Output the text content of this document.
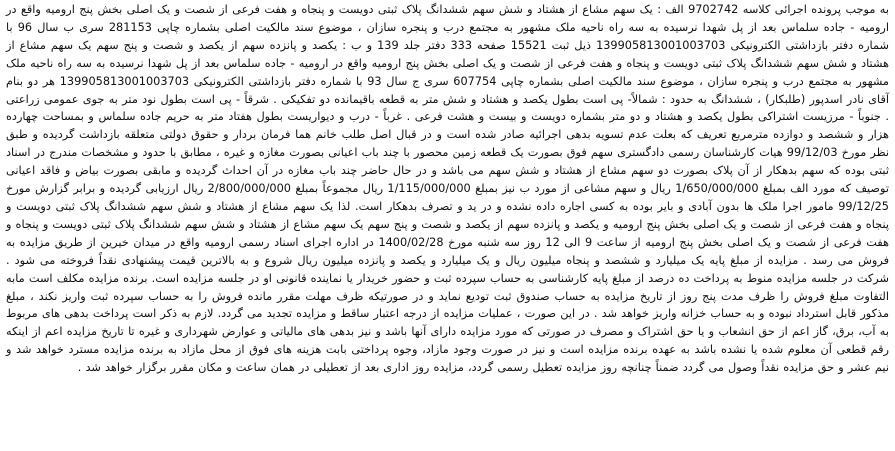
به موجب پرونده اجرائی کلاسه 9702742 الف : یک سهم مشاع از هشتاد و شش سهم ششدانگ پلاک ثبتی دویست و پنجاه و هفت فرعی از شصت و یک اصلی بخش پنج ارومیه واقع در ارومیه - جاده سلماس بعد از پل شهدا نرسیده به سه راه ناحیه ملک مشهور به مجتمع درب و پنجره سازان ، موضوع سند مالکیت اصلی بشماره چاپی 281153 سری ب سال 96 با شماره دفتر بازداشتی الکترونیکی 139905813001003703 ذیل ثبت 15521 صفحه 333 دفتر جلد 139 و ب : یکصد و پانزده سهم از یکصد و شصت و پنج سهم یک سهم مشاع از هشتاد و شش سهم ششدانگ پلاک ثبتی دویست و پنجاه و هفت فرعی از شصت و یک اصلی بخش پنج ارومیه واقع در ارومیه - جاده سلماس بعد از پل شهدا نرسیده به سه راه ناحیه ملک مشهور به مجتمع درب و پنجره سازان ، موضوع سند مالکیت اصلی بشماره چاپی 607754 سری ج سال 93 با شماره دفتر بازداشتی الکترونیکی 139905813001003703 هر دو بنام آقای نادر اسدپور (طلبکار) ، ششدانگ به حدود : شمالاً- پی است بطول یکصد و هشتاد و شش متر به قطعه باقیمانده دو تفکیکی . شرقاً - پی است بطول نود متر به جوی عمومی زراعتی . جنوباً - مرزیست اشتراکی بطول یکصد و هشتاد و دو متر بشماره دویست و بیست و هشت فرعی . غرباً - درب و دیواریست بطول هفتاد متر به حریم جاده سلماس و بمساحت چهارده هزار و ششصد و دوازده مترمربع تعریف که بعلت عدم تسویه بدهی اجرائیه صادر شده است و در قبال اصل طلب خانم هما فرمان بردار و حقوق دولتی متعلقه بازداشت گردیده و طبق نظر مورخ 99/12/03 هیات کارشناسان رسمی دادگستری سهم فوق بصورت یک قطعه زمین محصور با چند باب اعیانی بصورت مغازه و غیره ، مطابق با حدود و مشخصات مندرج در اسناد ثبتی بوده که سهم بدهکار از آن پلاک بصورت دو سهم مشاع از هشتاد و شش سهم می باشد و در حال حاضر چند باب مغازه در آن احداث گردیده و مابقی بصورت بیاض و فاقد اعیانی توصیف که مورد الف بمبلغ 1/650/000/000 ریال و سهم مشاعی از مورد ب نیز بمبلغ 1/115/000/000 ریال مجموعاً بمبلغ 2/800/000/000 ریال ارزیابی گردیده و برابر گزارش مورخ 99/12/25 مامور اجرا ملک ها بدون آبادی و بایر بوده به کسی اجاره داده نشده و در ید و تصرف بدهکار است. لذا یک سهم مشاع از هشتاد و شش سهم ششدانگ پلاک ثبتی دویست و پنجاه و هفت فرعی از شصت و یک اصلی بخش پنج ارومیه و یکصد و پانزده سهم از یکصد و شصت و پنج سهم یک سهم مشاع از هشتاد و شش سهم ششدانگ پلاک ثبتی دویست و پنجاه و هفت فرعی از شصت و یک اصلی بخش پنج ارومیه از ساعت 9 الی 12 روز سه شنبه مورخ 1400/02/28 در اداره اجرای اسناد رسمی ارومیه واقع در میدان خیرین از طریق مزایده به فروش می رسد . مزایده از مبلغ پایه یک میلیارد و ششصد و پنجاه میلیون ریال و یک میلیارد و یکصد و پانزده میلیون ریال شروع و به بالاترین قیمت پیشنهادی نقداً فروخته می شود . شرکت در جلسه مزایده منوط به پرداخت ده درصد از مبلغ پایه کارشناسی به حساب سپرده ثبت و حضور خریدار یا نماینده قانونی او در جلسه مزایده است. برنده مزایده مکلف است مابه التفاوت مبلغ فروش را ظرف مدت پنج روز از تاریخ مزایده به حساب صندوق ثبت تودیع نماید و در صورتیکه ظرف مهلت مقرر مانده فروش را به حساب سپرده ثبت واریز نکند ، مبلغ مذکور قابل استرداد نبوده و به حساب خزانه واریز خواهد شد . در این صورت ، عملیات مزایده از درجه اعتبار ساقط و مزایده تجدید می گردد. لازم به ذکر است پرداخت بدهی های مربوط به آب، برق، گاز اعم از حق انشعاب و یا حق اشتراک و مصرف در صورتی که مورد مزایده دارای آنها باشد و نیز بدهی های مالیاتی و عوارض شهرداری و غیره تا تاریخ مزایده اعم از اینکه رقم قطعی آن معلوم شده یا نشده باشد به عهده برنده مزایده است و نیز در صورت وجود مازاد، وجوه پرداختی بابت هزینه های فوق از محل مازاد به برنده مزایده مسترد خواهد شد و نیم عشر و حق مزایده نقداً وصول می گردد ضمناً چنانچه روز مزایده تعطیل رسمی گردد، مزایده روز اداری بعد از تعطیلی در همان ساعت و مکان مقرر برگزار خواهد شد .
